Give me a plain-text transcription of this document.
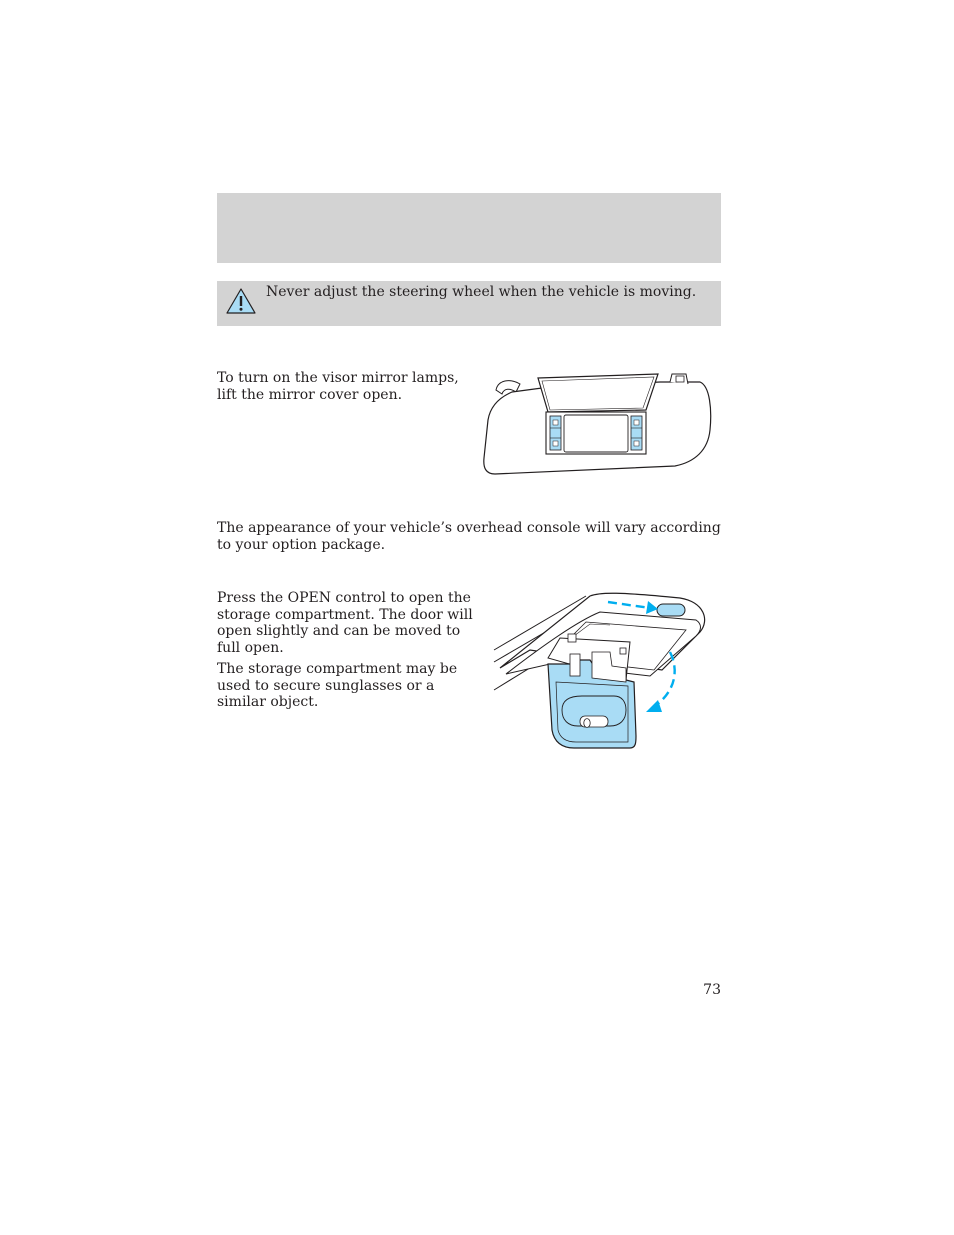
Never adjust the steering wheel when the vehicle is moving.

To turn on the visor mirror lamps, lift the mirror cover open.

The appearance of your vehicle’s overhead console will vary according to your option package.

Press the OPEN control to open the storage compartment. The door will open slightly and can be moved to full open.

The storage compartment may be used to secure sunglasses or a similar object.

73
